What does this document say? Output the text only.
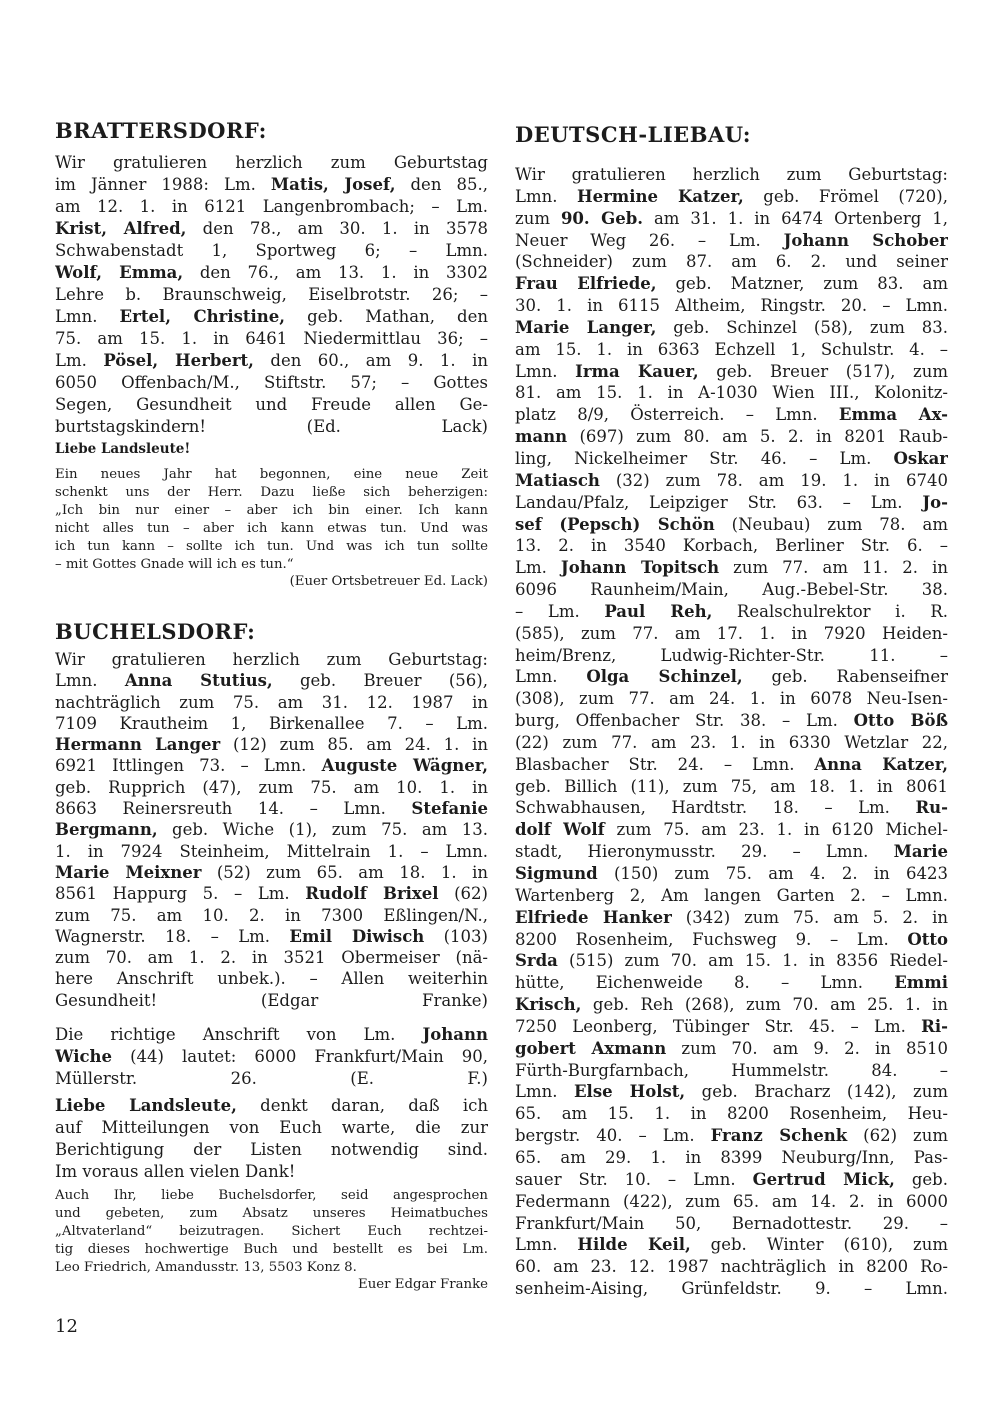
BRATTERSDORF:
Wir gratulieren herzlich zum Geburtstag
im Jänner 1988: Lm. Matis, Josef, den 85.,
am 12. 1. in 6121 Langenbrombach; – Lm.
Krist, Alfred, den 78., am 30. 1. in 3578
Schwabenstadt 1, Sportweg 6; – Lmn.
Wolf, Emma, den 76., am 13. 1. in 3302
Lehre b. Braunschweig, Eiselbrotstr. 26; –
Lmn. Ertel, Christine, geb. Mathan, den
75. am 15. 1. in 6461 Niedermittlau 36; –
Lm. Pösel, Herbert, den 60., am 9. 1. in
6050 Offenbach/M., Stiftstr. 57; – Gottes
Segen, Gesundheit und Freude allen Ge-
burtstagskindern! (Ed. Lack)
Liebe Landsleute!
Ein neues Jahr hat begonnen, eine neue Zeit
schenkt uns der Herr. Dazu ließe sich beherzigen:
„Ich bin nur einer – aber ich bin einer. Ich kann
nicht alles tun – aber ich kann etwas tun. Und was
ich tun kann – sollte ich tun. Und was ich tun sollte
– mit Gottes Gnade will ich es tun.“
(Euer Ortsbetreuer Ed. Lack)
BUCHELSDORF:
Wir gratulieren herzlich zum Geburtstag:
Lmn. Anna Stutius, geb. Breuer (56),
nachträglich zum 75. am 31. 12. 1987 in
7109 Krautheim 1, Birkenallee 7. – Lm.
Hermann Langer (12) zum 85. am 24. 1. in
6921 Ittlingen 73. – Lmn. Auguste Wägner,
geb. Rupprich (47), zum 75. am 10. 1. in
8663 Reinersreuth 14. – Lmn. Stefanie
Bergmann, geb. Wiche (1), zum 75. am 13.
1. in 7924 Steinheim, Mittelrain 1. – Lmn.
Marie Meixner (52) zum 65. am 18. 1. in
8561 Happurg 5. – Lm. Rudolf Brixel (62)
zum 75. am 10. 2. in 7300 Eßlingen/N.,
Wagnerstr. 18. – Lm. Emil Diwisch (103)
zum 70. am 1. 2. in 3521 Obermeiser (nä-
here Anschrift unbek.). – Allen weiterhin
Gesundheit! (Edgar Franke)
Die richtige Anschrift von Lm. Johann
Wiche (44) lautet: 6000 Frankfurt/Main 90,
Müllerstr. 26. (E. F.)
Liebe Landsleute, denkt daran, daß ich
auf Mitteilungen von Euch warte, die zur
Berichtigung der Listen notwendig sind.
Im voraus allen vielen Dank!
Auch Ihr, liebe Buchelsdorfer, seid angesprochen
und gebeten, zum Absatz unseres Heimatbuches
„Altvaterland“ beizutragen. Sichert Euch rechtzei-
tig dieses hochwertige Buch und bestellt es bei Lm.
Leo Friedrich, Amandusstr. 13, 5503 Konz 8.
Euer Edgar Franke
12
DEUTSCH-LIEBAU:
Wir gratulieren herzlich zum Geburtstag:
Lmn. Hermine Katzer, geb. Frömel (720),
zum 90. Geb. am 31. 1. in 6474 Ortenberg 1,
Neuer Weg 26. – Lm. Johann Schober
(Schneider) zum 87. am 6. 2. und seiner
Frau Elfriede, geb. Matzner, zum 83. am
30. 1. in 6115 Altheim, Ringstr. 20. – Lmn.
Marie Langer, geb. Schinzel (58), zum 83.
am 15. 1. in 6363 Echzell 1, Schulstr. 4. –
Lmn. Irma Kauer, geb. Breuer (517), zum
81. am 15. 1. in A-1030 Wien III., Kolonitz-
platz 8/9, Österreich. – Lmn. Emma Ax-
mann (697) zum 80. am 5. 2. in 8201 Raub-
ling, Nickelheimer Str. 46. – Lm. Oskar
Matiasch (32) zum 78. am 19. 1. in 6740
Landau/Pfalz, Leipziger Str. 63. – Lm. Jo-
sef (Pepsch) Schön (Neubau) zum 78. am
13. 2. in 3540 Korbach, Berliner Str. 6. –
Lm. Johann Topitsch zum 77. am 11. 2. in
6096 Raunheim/Main, Aug.-Bebel-Str. 38.
– Lm. Paul Reh, Realschulrektor i. R.
(585), zum 77. am 17. 1. in 7920 Heiden-
heim/Brenz, Ludwig-Richter-Str. 11. –
Lmn. Olga Schinzel, geb. Rabenseifner
(308), zum 77. am 24. 1. in 6078 Neu-Isen-
burg, Offenbacher Str. 38. – Lm. Otto Böß
(22) zum 77. am 23. 1. in 6330 Wetzlar 22,
Blasbacher Str. 24. – Lmn. Anna Katzer,
geb. Billich (11), zum 75, am 18. 1. in 8061
Schwabhausen, Hardtstr. 18. – Lm. Ru-
dolf Wolf zum 75. am 23. 1. in 6120 Michel-
stadt, Hieronymusstr. 29. – Lmn. Marie
Sigmund (150) zum 75. am 4. 2. in 6423
Wartenberg 2, Am langen Garten 2. – Lmn.
Elfriede Hanker (342) zum 75. am 5. 2. in
8200 Rosenheim, Fuchsweg 9. – Lm. Otto
Srda (515) zum 70. am 15. 1. in 8356 Riedel-
hütte, Eichenweide 8. – Lmn. Emmi
Krisch, geb. Reh (268), zum 70. am 25. 1. in
7250 Leonberg, Tübinger Str. 45. – Lm. Ri-
gobert Axmann zum 70. am 9. 2. in 8510
Fürth-Burgfarnbach, Hummelstr. 84. –
Lmn. Else Holst, geb. Bracharz (142), zum
65. am 15. 1. in 8200 Rosenheim, Heu-
bergstr. 40. – Lm. Franz Schenk (62) zum
65. am 29. 1. in 8399 Neuburg/Inn, Pas-
sauer Str. 10. – Lmn. Gertrud Mick, geb.
Federmann (422), zum 65. am 14. 2. in 6000
Frankfurt/Main 50, Bernadottestr. 29. –
Lmn. Hilde Keil, geb. Winter (610), zum
60. am 23. 12. 1987 nachträglich in 8200 Ro-
senheim-Aising, Grünfeldstr. 9. – Lmn.
